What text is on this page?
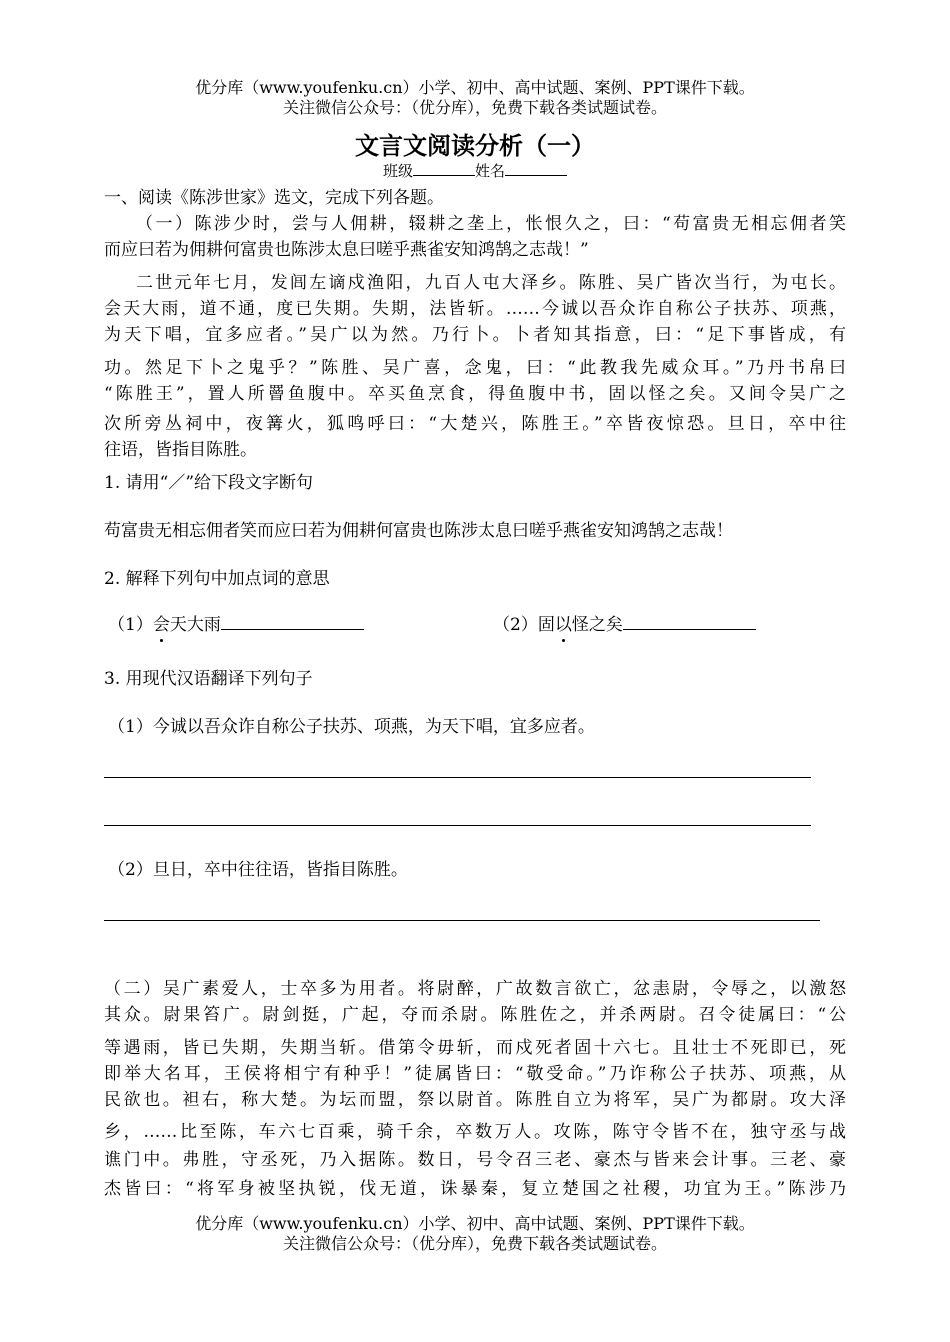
优分库（www.youfenku.cn）小学、初中、高中试题、案例、PPT课件下载。
关注微信公众号：（优分库），免费下载各类试题试卷。
文言文阅读分析（一）
班级	姓名
一、阅读《陈涉世家》选文，完成下列各题。
（一）陈涉少时，尝与人佣耕，辍耕之垄上，怅恨久之，曰：“苟富贵无相忘佣者笑
而应曰若为佣耕何富贵也陈涉太息曰嗟乎燕雀安知鸿鹄之志哉！”
二世元年七月，发闾左谪戍渔阳，九百人屯大泽乡。陈胜、吴广皆次当行，为屯长。
会天大雨，道不通，度已失期。失期，法皆斩。……今诚以吾众诈自称公子扶苏、项燕，
为天下唱，宜多应者。”吴广以为然。乃行卜。卜者知其指意，曰：“足下事皆成，有
功。然足下卜之鬼乎？”陈胜、吴广喜，念鬼，曰：“此教我先威众耳。”乃丹书帛曰
“陈胜王”，置人所罾鱼腹中。卒买鱼烹食，得鱼腹中书，固以怪之矣。又间令吴广之
次所旁丛祠中，夜篝火，狐鸣呼曰：“大楚兴，陈胜王。”卒皆夜惊恐。旦日，卒中往
往语，皆指目陈胜。
1. 请用“／”给下段文字断句
苟富贵无相忘佣者笑而应曰若为佣耕何富贵也陈涉太息曰嗟乎燕雀安知鸿鹄之志哉！
2. 解释下列句中加点词的意思
（1）会天大雨	（2）固以怪之矣
3. 用现代汉语翻译下列句子
（1）今诚以吾众诈自称公子扶苏、项燕，为天下唱，宜多应者。
（2）旦日，卒中往往语，皆指目陈胜。
（二）吴广素爱人，士卒多为用者。将尉醉，广故数言欲亡，忿恚尉，令辱之，以激怒
其众。尉果笞广。尉剑挺，广起，夺而杀尉。陈胜佐之，并杀两尉。召令徒属曰：“公
等遇雨，皆已失期，失期当斩。借第令毋斩，而戍死者固十六七。且壮士不死即已，死
即举大名耳，王侯将相宁有种乎！”徒属皆曰：“敬受命。”乃诈称公子扶苏、项燕，从
民欲也。袒右，称大楚。为坛而盟，祭以尉首。陈胜自立为将军，吴广为都尉。攻大泽
乡，……比至陈，车六七百乘，骑千余，卒数万人。攻陈，陈守令皆不在，独守丞与战
谯门中。弗胜，守丞死，乃入据陈。数日，号令召三老、豪杰与皆来会计事。三老、豪
杰皆曰：“将军身被坚执锐，伐无道，诛暴秦，复立楚国之社稷，功宜为王。”陈涉乃
优分库（www.youfenku.cn）小学、初中、高中试题、案例、PPT课件下载。
关注微信公众号：（优分库），免费下载各类试题试卷。
